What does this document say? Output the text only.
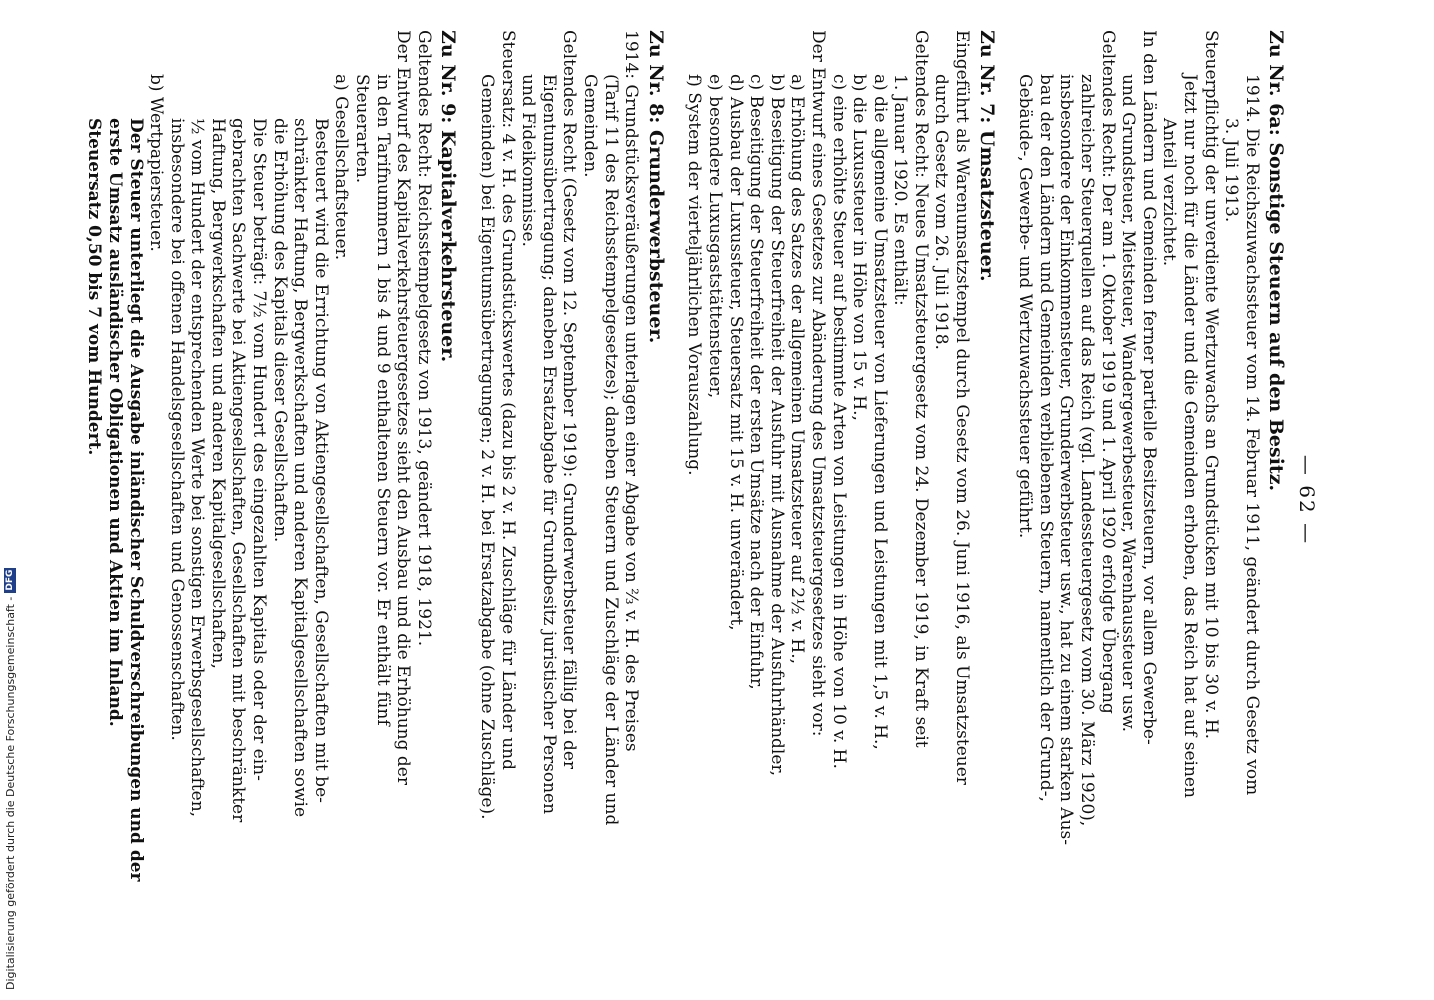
— 62 —
Zu Nr. 6a: Sonstige Steuern auf den Besitz.

1914. Die Reichszuwachssteuer vom 14. Februar 1911, geändert durch Gesetz vom

3. Juli 1913.

Steuerpflichtig der unverdiente Wertzuwachs an Grundstücken mit 10 bis 30 v. H.

Jetzt nur noch für die Länder und die Gemeinden erhoben, das Reich hat auf seinen

Anteil verzichtet.

In den Ländern und Gemeinden ferner partielle Besitzsteuern, vor allem Gewerbe-

und Grundsteuer, Mietsteuer, Wandergewerbesteuer, Warenhaussteuer usw.

Geltendes Recht: Der am 1. Oktober 1919 und 1. April 1920 erfolgte Übergang

zahlreicher Steuerquellen auf das Reich (vgl. Landessteuergesetz vom 30. März 1920),

insbesondere der Einkommensteuer, Grunderwerbsteuer usw., hat zu einem starken Aus-

bau der den Ländern und Gemeinden verbliebenen Steuern, namentlich der Grund-,

Gebäude-, Gewerbe- und Wertzuwachssteuer geführt.

Zu Nr. 7: Umsatzsteuer.

Eingeführt als Warenumsatzstempel durch Gesetz vom 26. Juni 1916, als Umsatzsteuer

durch Gesetz vom 26. Juli 1918.

Geltendes Recht: Neues Umsatzsteuergesetz vom 24. Dezember 1919, in Kraft seit

1. Januar 1920. Es enthält:

a) die allgemeine Umsatzsteuer von Lieferungen und Leistungen mit 1,5 v. H.,

b) die Luxussteuer in Höhe von 15 v. H.,

c) eine erhöhte Steuer auf bestimmte Arten von Leistungen in Höhe von 10 v. H.

Der Entwurf eines Gesetzes zur Abänderung des Umsatzsteuergesetzes sieht vor:

a) Erhöhung des Satzes der allgemeinen Umsatzsteuer auf 2½ v. H.,

b) Beseitigung der Steuerfreiheit der Ausfuhr mit Ausnahme der Ausfuhrhändler,

c) Beseitigung der Steuerfreiheit der ersten Umsätze nach der Einfuhr,

d) Ausbau der Luxussteuer, Steuersatz mit 15 v. H. unverändert,

e) besondere Luxusgaststättensteuer,

f) System der vierteljährlichen Vorauszahlung.

Zu Nr. 8: Grunderwerbsteuer.

1914: Grundstücksveräußerungen unterlagen einer Abgabe von ⅔ v. H. des Preises

(Tarif 11 des Reichsstempelgesetzes); daneben Steuern und Zuschläge der Länder und

Gemeinden.

Geltendes Recht (Gesetz vom 12. September 1919): Grunderwerbsteuer fällig bei der

Eigentumsübertragung; daneben Ersatzabgabe für Grundbesitz juristischer Personen

und Fideikommisse.

Steuersatz: 4 v. H. des Grundstückswertes (dazu bis 2 v. H. Zuschläge für Länder und

Gemeinden) bei Eigentumsübertragungen; 2 v. H. bei Ersatzabgabe (ohne Zuschläge).

Zu Nr. 9: Kapitalverkehrsteuer.

Geltendes Recht: Reichsstempelgesetz von 1913, geändert 1918, 1921.

Der Entwurf des Kapitalverkehrsteuergesetzes sieht den Ausbau und die Erhöhung der

in den Tarifnummern 1 bis 4 und 9 enthaltenen Steuern vor. Er enthält fünf

Steuerarten.

a) Gesellschaftsteuer.

Besteuert wird die Errichtung von Aktiengesellschaften, Gesellschaften mit be-

schränkter Haftung, Bergwerkschaften und anderen Kapitalgesellschaften sowie

die Erhöhung des Kapitals dieser Gesellschaften.

Die Steuer beträgt: 7½ vom Hundert des eingezahlten Kapitals oder der ein-

gebrachten Sachwerte bei Aktiengesellschaften, Gesellschaften mit beschränkter

Haftung, Bergwerkschaften und anderen Kapitalgesellschaften,

½ vom Hundert der entsprechenden Werte bei sonstigen Erwerbsgesellschaften,

insbesondere bei offenen Handelsgesellschaften und Genossenschaften.

b) Wertpapiersteuer.

Der Steuer unterliegt die Ausgabe inländischer Schuldverschreibungen und der

erste Umsatz ausländischer Obligationen und Aktien im Inland.

Steuersatz 0,50 bis 7 vom Hundert.

Digitalisierung gefördert durch die Deutsche Forschungsgemeinschaft -
DFG
